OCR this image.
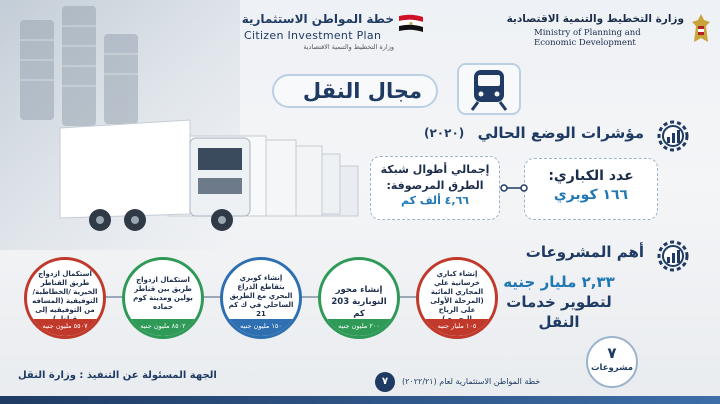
وزارة التخطيط والتنمية الاقتصادية
Ministry of Planning and Economic Development
خطة المواطن الاستثمارية
Citizen Investment Plan
وزارة التخطيط والتنمية الاقتصادية
مجال النقل
مؤشرات الوضع الحالي
(٢٠٢٠)
عدد الكباري:
١٦٦ كوبري
إجمالي أطوال شبكة
الطرق المرصوفة:
٤,٦٦ ألف كم
أهم المشروعات
٢,٣٣ مليار جنيه
لتطوير خدمات
النقل
إنشاء كباري خرسانية علي المجاري المائية (المرحلة الأولى على الرياح
١٠٥ مليار جنيه
إنشاء محور النوبارية 203 كم
٢٠٠ مليون جنيه
إنشاء كوبري بتقاطع الذراع البحري مع الطريق الساحلي في ك كم 21
١٥٠ مليون جنيه
استكمال ازدواج طريق بين قناطر بولين ومدينة كوم حماده
٨٥٠٢ مليون جنيه
استكمال ازدواج طريق القناطر الخيرية /الخطاطبة/التوفيقية (المسافه من التوفيقيه إلى
٥٥٠٧ مليون جنيه
٧
مشروعات
الجهة المسئولة عن التنفيذ : وزارة النقل
٧	خطة المواطن الاستثمارية لعام (٢٠٢٢/٢١)
